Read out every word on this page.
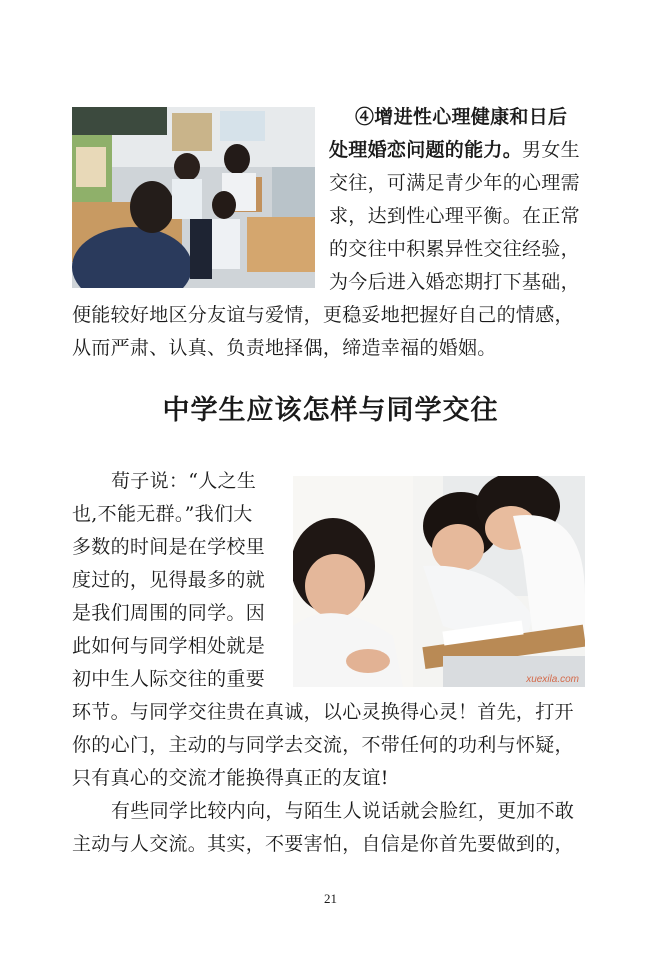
④增进性心理健康和日后
处理婚恋问题的能力。男女生
交往，可满足青少年的心理需
求，达到性心理平衡。在正常
的交往中积累异性交往经验，
为今后进入婚恋期打下基础，
便能较好地区分友谊与爱情，更稳妥地把握好自己的情感，
从而严肃、认真、负责地择偶，缔造幸福的婚姻。
中学生应该怎样与同学交往
xuexila.com
荀子说：“人之生
也,不能无群。”我们大
多数的时间是在学校里
度过的，见得最多的就
是我们周围的同学。因
此如何与同学相处就是
初中生人际交往的重要
环节。与同学交往贵在真诚，以心灵换得心灵！首先，打开
你的心门，主动的与同学去交流，不带任何的功利与怀疑，
只有真心的交流才能换得真正的友谊!
有些同学比较内向，与陌生人说话就会脸红，更加不敢
主动与人交流。其实，不要害怕，自信是你首先要做到的，
21
